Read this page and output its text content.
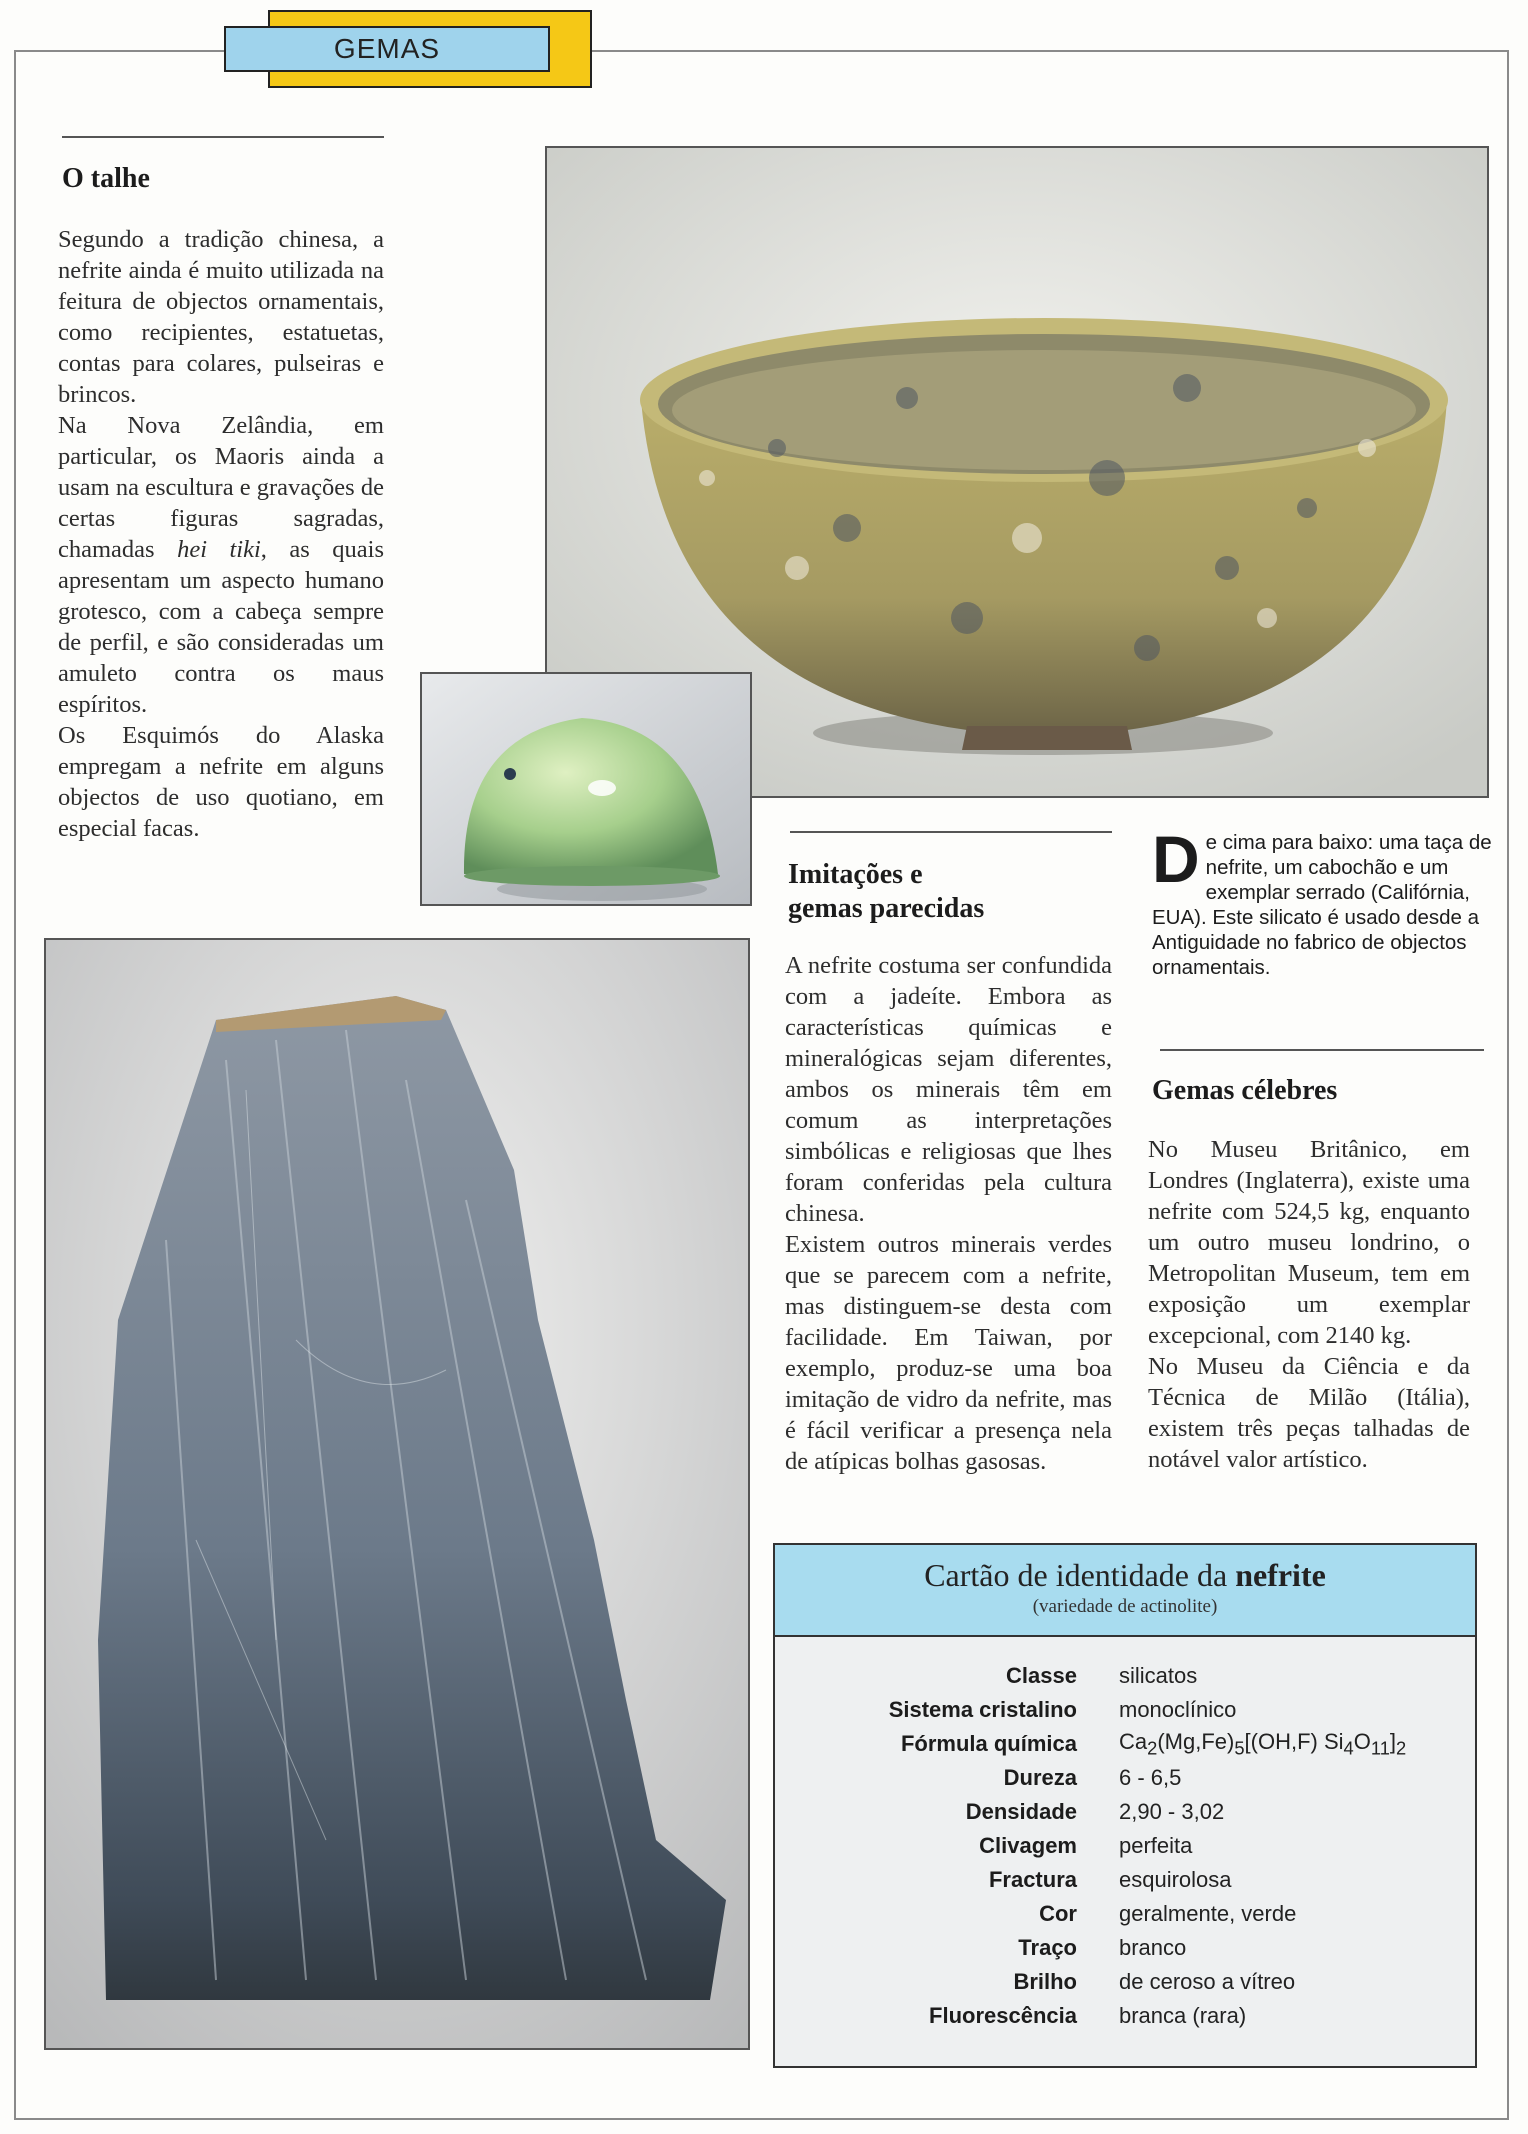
GEMAS
O talhe

Segundo a tradição chinesa, a nefrite ainda é muito utilizada na feitura de objectos ornamentais, como recipientes, estatuetas, contas para colares, pulseiras e brincos.

Na Nova Zelândia, em particular, os Maoris ainda a usam na escultura e gravações de certas figuras sagradas, chamadas hei tiki, as quais apresentam um aspecto humano grotesco, com a cabeça sempre de perfil, e são consideradas um amuleto contra os maus espíritos.

Os Esquimós do Alaska empregam a nefrite em alguns objectos de uso quotiano, em especial facas.

Imitações e
gemas parecidas

A nefrite costuma ser confundida com a jadeíte. Embora as características químicas e mineralógicas sejam diferentes, ambos os minerais têm em comum as interpretações simbólicas e religiosas que lhes foram conferidas pela cultura chinesa.

Existem outros minerais verdes que se parecem com a nefrite, mas distinguem-se desta com facilidade. Em Taiwan, por exemplo, produz-se uma boa imitação de vidro da nefrite, mas é fácil verificar a presença nela de atípicas bolhas gasosas.

De cima para baixo: uma taça de nefrite, um cabochão e um exemplar serrado (Califórnia, EUA). Este silicato é usado desde a Antiguidade no fabrico de objectos ornamentais.
Gemas célebres

No Museu Britânico, em Londres (Inglaterra), existe uma nefrite com 524,5 kg, enquanto um outro museu londrino, o Metropolitan Museum, tem em exposição um exemplar excepcional, com 2140 kg.

No Museu da Ciência e da Técnica de Milão (Itália), existem três peças talhadas de notável valor artístico.

Cartão de identidade da nefrite
(variedade de actinolite)
Classe	silicatos
Sistema cristalino	monoclínico
Fórmula química	$Ca_2(Mg,Fe)_5[(OH,F)$ $Si_4O_{11}]_2$
Dureza	6 - 6,5
Densidade	2,90 - 3,02
Clivagem	perfeita
Fractura	esquirolosa
Cor	geralmente, verde
Traço	branco
Brilho	de ceroso a vítreo
Fluorescência	branca (rara)
